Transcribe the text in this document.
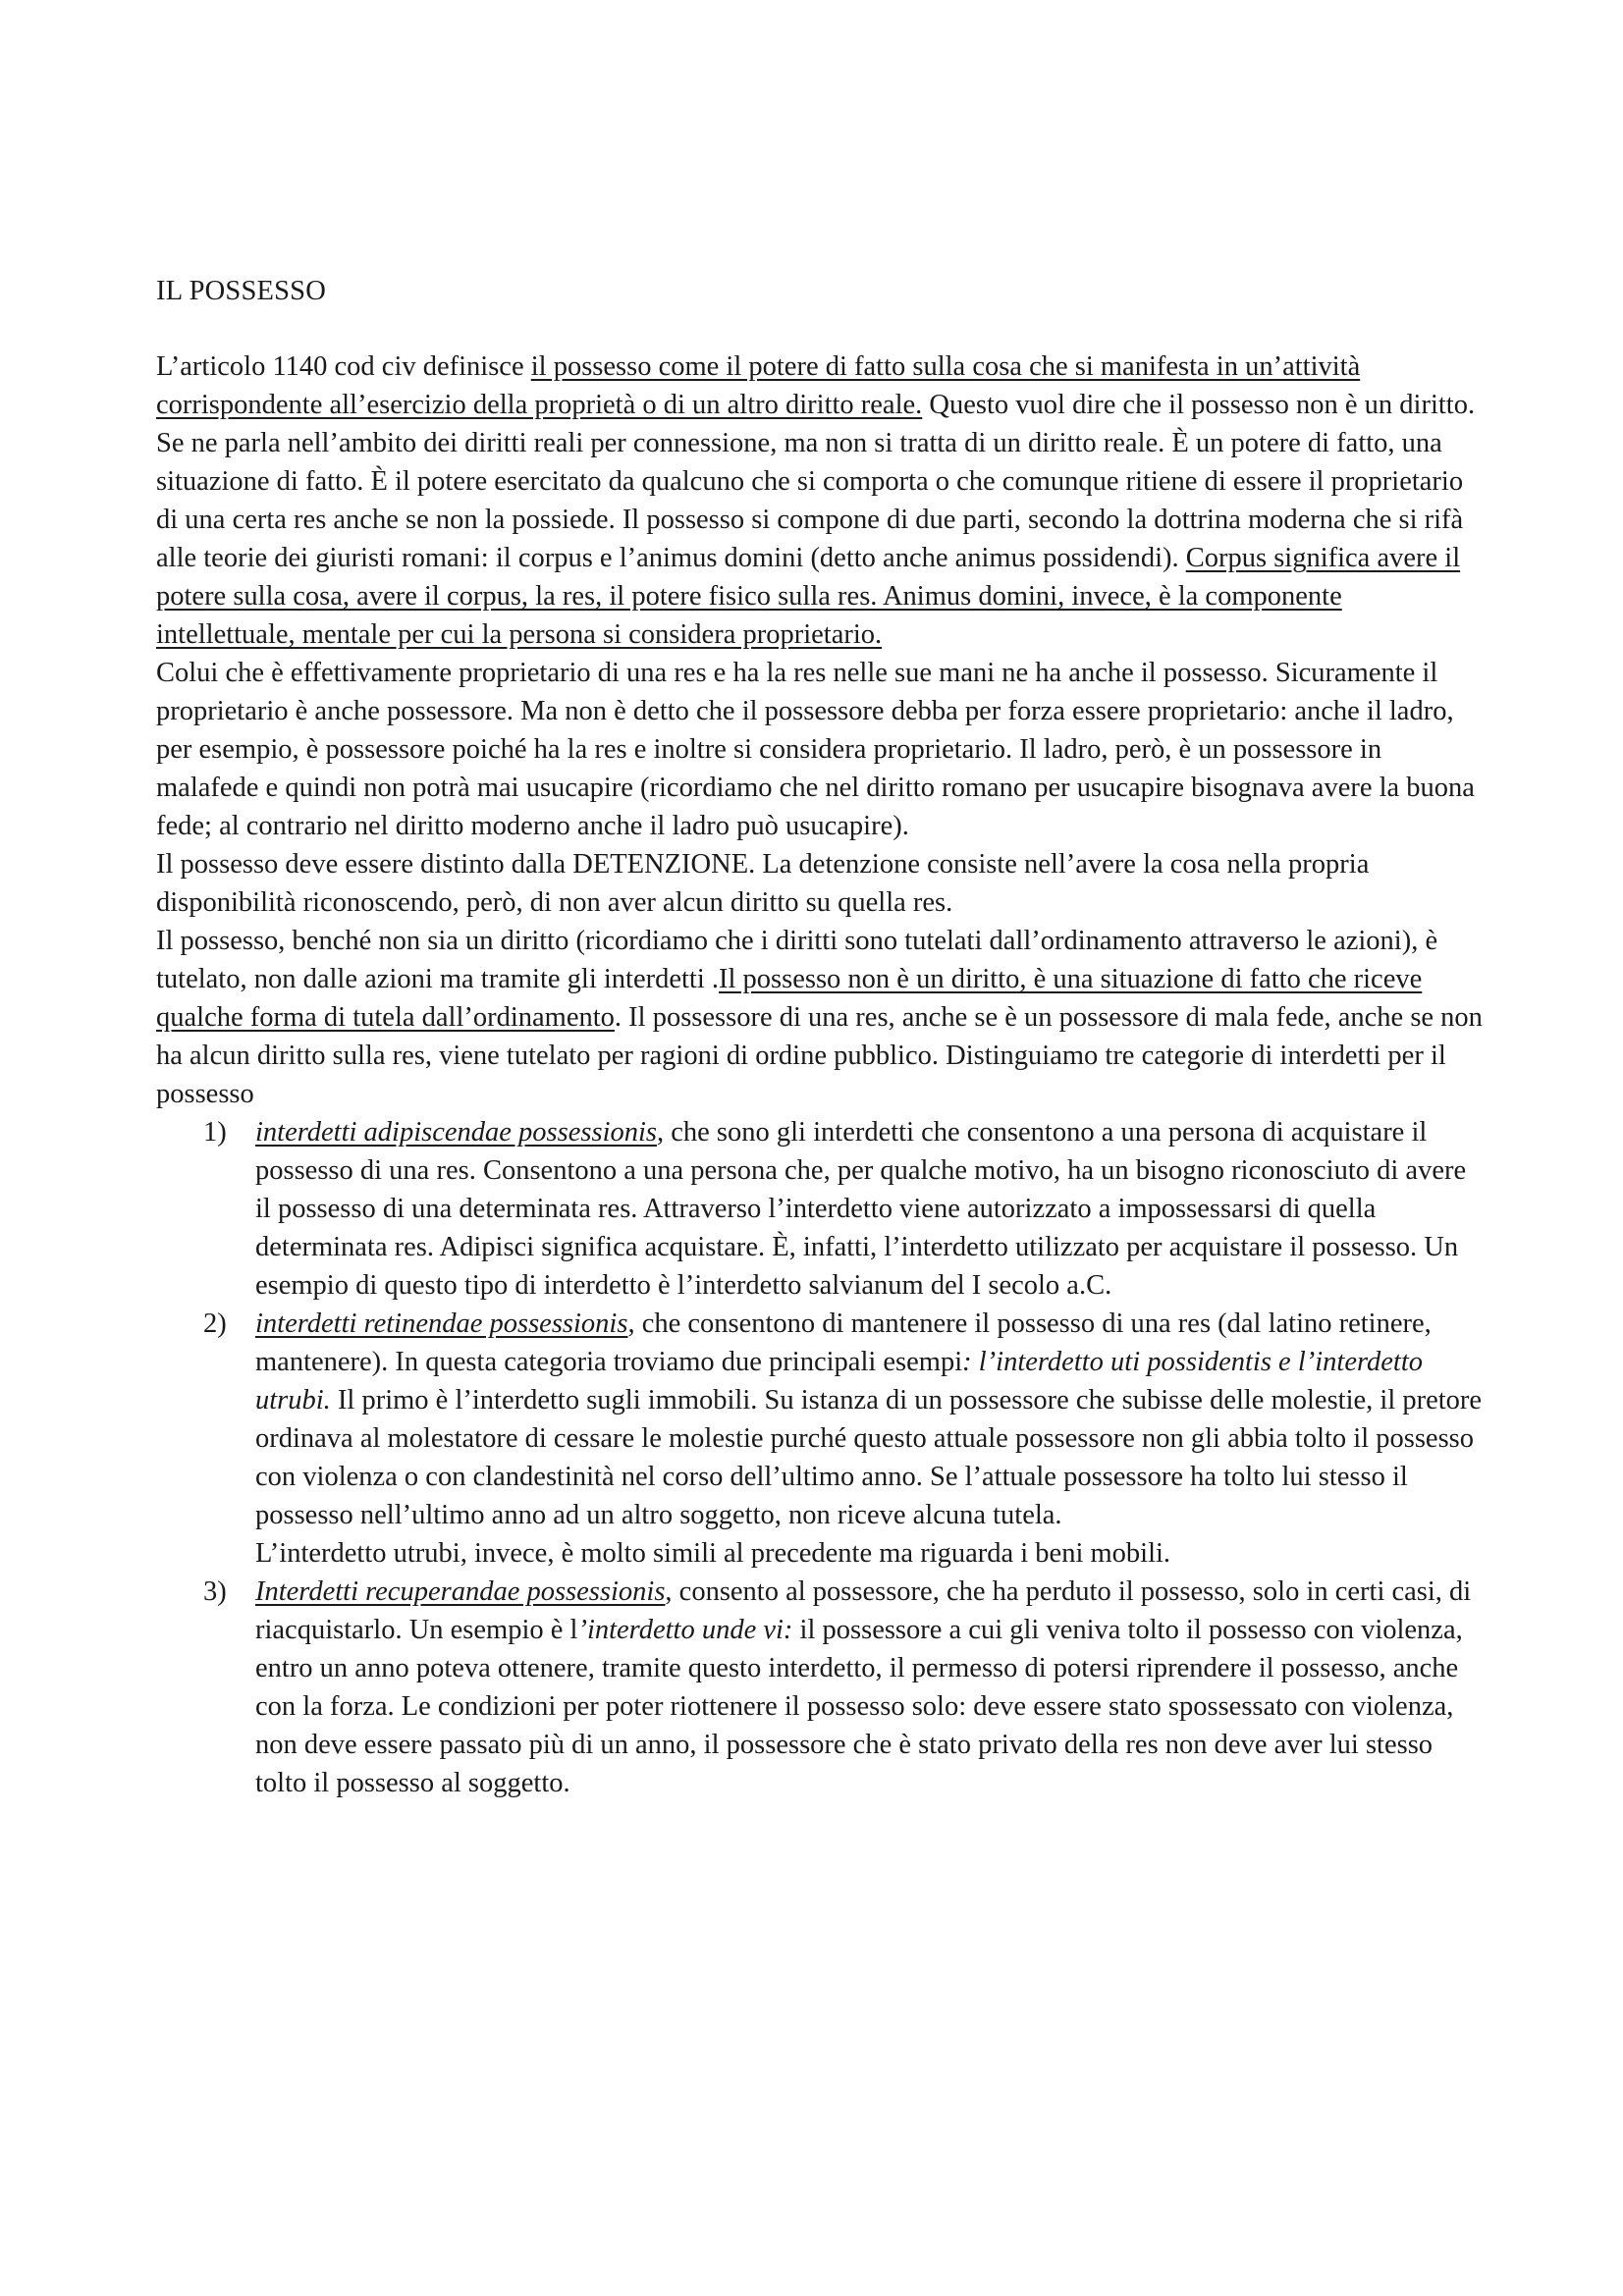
IL POSSESSO

L’articolo 1140 cod civ definisce il possesso come il potere di fatto sulla cosa che si manifesta in un’attività corrispondente all’esercizio della proprietà o di un altro diritto reale. Questo vuol dire che il possesso non è un diritto. Se ne parla nell’ambito dei diritti reali per connessione, ma non si tratta di un diritto reale. È un potere di fatto, una situazione di fatto. È il potere esercitato da qualcuno che si comporta o che comunque ritiene di essere il proprietario di una certa res anche se non la possiede. Il possesso si compone di due parti, secondo la dottrina moderna che si rifà alle teorie dei giuristi romani: il corpus e l’animus domini (detto anche animus possidendi). Corpus significa avere il potere sulla cosa, avere il corpus, la res, il potere fisico sulla res. Animus domini, invece, è la componente intellettuale, mentale per cui la persona si considera proprietario.

Colui che è effettivamente proprietario di una res e ha la res nelle sue mani ne ha anche il possesso. Sicuramente il proprietario è anche possessore. Ma non è detto che il possessore debba per forza essere proprietario: anche il ladro, per esempio, è possessore poiché ha la res e inoltre si considera proprietario. Il ladro, però, è un possessore in malafede e quindi non potrà mai usucapire (ricordiamo che nel diritto romano per usucapire bisognava avere la buona fede; al contrario nel diritto moderno anche il ladro può usucapire).

Il possesso deve essere distinto dalla DETENZIONE. La detenzione consiste nell’avere la cosa nella propria disponibilità riconoscendo, però, di non aver alcun diritto su quella res.

Il possesso, benché non sia un diritto (ricordiamo che i diritti sono tutelati dall’ordinamento attraverso le azioni), è tutelato, non dalle azioni ma tramite gli interdetti .Il possesso non è un diritto, è una situazione di fatto che riceve qualche forma di tutela dall’ordinamento. Il possessore di una res, anche se è un possessore di mala fede, anche se non ha alcun diritto sulla res, viene tutelato per ragioni di ordine pubblico. Distinguiamo tre categorie di interdetti per il possesso

1) interdetti adipiscendae possessionis, che sono gli interdetti che consentono a una persona di acquistare il possesso di una res. Consentono a una persona che, per qualche motivo, ha un bisogno riconosciuto di avere il possesso di una determinata res. Attraverso l’interdetto viene autorizzato a impossessarsi di quella determinata res. Adipisci significa acquistare. È, infatti, l’interdetto utilizzato per acquistare il possesso. Un esempio di questo tipo di interdetto è l’interdetto salvianum del I secolo a.C.
2) interdetti retinendae possessionis, che consentono di mantenere il possesso di una res (dal latino retinere, mantenere). In questa categoria troviamo due principali esempi: l’interdetto uti possidentis e l’interdetto utrubi. Il primo è l’interdetto sugli immobili. Su istanza di un possessore che subisse delle molestie, il pretore ordinava al molestatore di cessare le molestie purché questo attuale possessore non gli abbia tolto il possesso con violenza o con clandestinità nel corso dell’ultimo anno. Se l’attuale possessore ha tolto lui stesso il possesso nell’ultimo anno ad un altro soggetto, non riceve alcuna tutela.
L’interdetto utrubi, invece, è molto simili al precedente ma riguarda i beni mobili.
3) Interdetti recuperandae possessionis, consento al possessore, che ha perduto il possesso, solo in certi casi, di riacquistarlo. Un esempio è l’interdetto unde vi: il possessore a cui gli veniva tolto il possesso con violenza, entro un anno poteva ottenere, tramite questo interdetto, il permesso di potersi riprendere il possesso, anche con la forza. Le condizioni per poter riottenere il possesso solo: deve essere stato spossessato con violenza, non deve essere passato più di un anno, il possessore che è stato privato della res non deve aver lui stesso tolto il possesso al soggetto.
